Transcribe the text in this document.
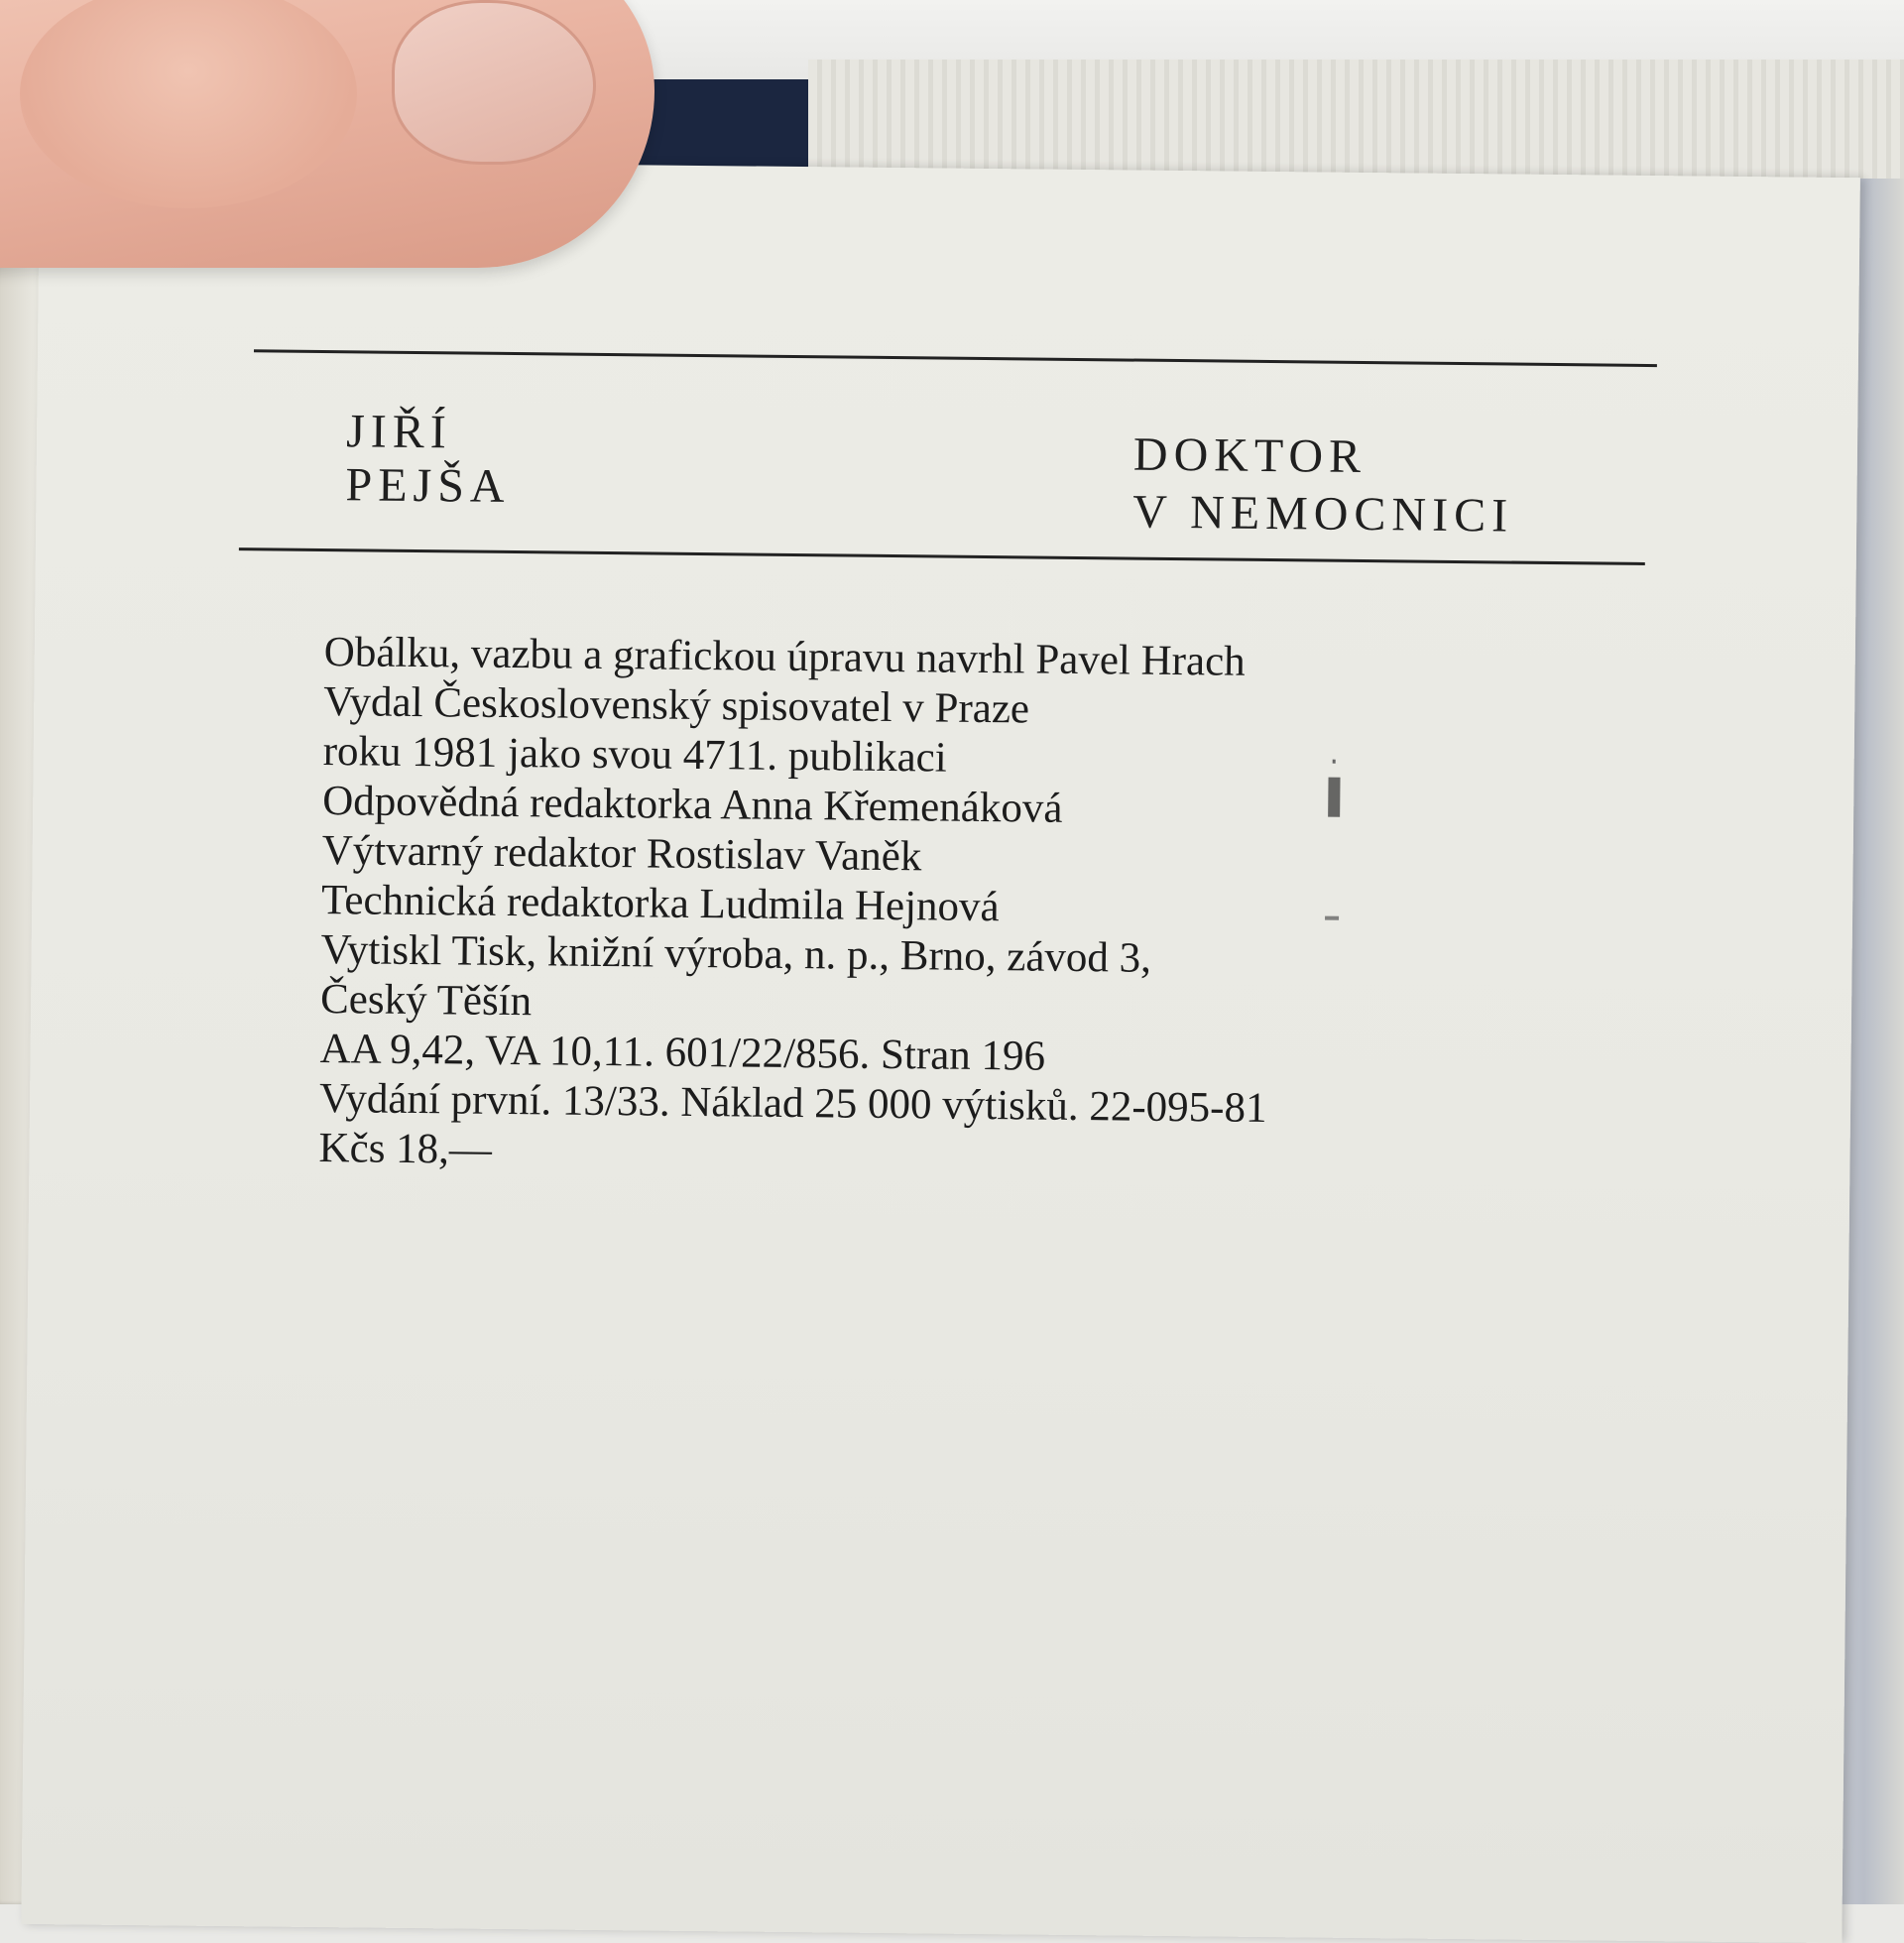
JIŘÍ
PEJŠA
DOKTOR
V NEMOCNICI
Obálku, vazbu a grafickou úpravu navrhl Pavel Hrach
Vydal Československý spisovatel v Praze
roku 1981 jako svou 4711. publikaci
Odpovědná redaktorka Anna Křemenáková
Výtvarný redaktor Rostislav Vaněk
Technická redaktorka Ludmila Hejnová
Vytiskl Tisk, knižní výroba, n. p., Brno, závod 3,
Český Těšín
AA 9,42, VA 10,11. 601/22/856. Stran 196
Vydání první. 13/33. Náklad 25 000 výtisků. 22-095-81
Kčs 18,—
